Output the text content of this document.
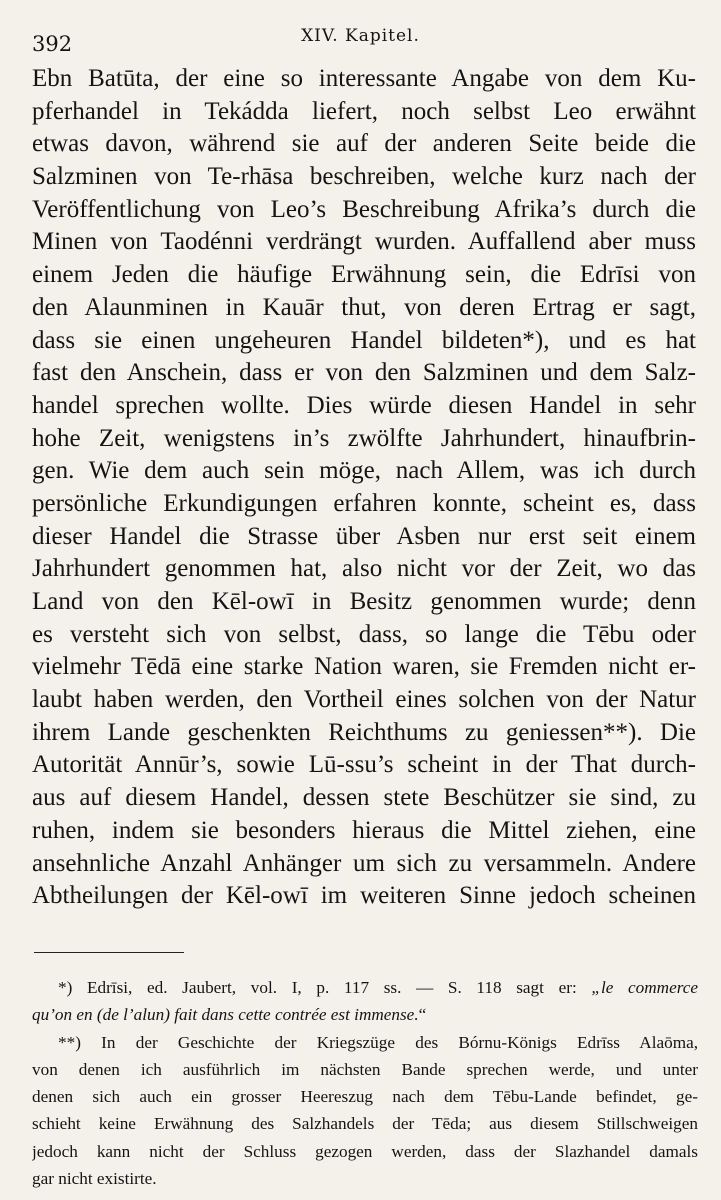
392	XIV. Kapitel.
Ebn Batūta, der eine so interessante Angabe von dem Ku-
pferhandel in Tekádda liefert, noch selbst Leo erwähnt
etwas davon, während sie auf der anderen Seite beide die
Salzminen von Te-rhāsa beschreiben, welche kurz nach der
Veröffentlichung von Leo’s Beschreibung Afrika’s durch die
Minen von Taodénni verdrängt wurden. Auffallend aber muss
einem Jeden die häufige Erwähnung sein, die Edrīsi von
den Alaunminen in Kauār thut, von deren Ertrag er sagt,
dass sie einen ungeheuren Handel bildeten*), und es hat
fast den Anschein, dass er von den Salzminen und dem Salz-
handel sprechen wollte. Dies würde diesen Handel in sehr
hohe Zeit, wenigstens in’s zwölfte Jahrhundert, hinaufbrin-
gen. Wie dem auch sein möge, nach Allem, was ich durch
persönliche Erkundigungen erfahren konnte, scheint es, dass
dieser Handel die Strasse über Asben nur erst seit einem
Jahrhundert genommen hat, also nicht vor der Zeit, wo das
Land von den Kēl-owī in Besitz genommen wurde; denn
es versteht sich von selbst, dass, so lange die Tēbu oder
vielmehr Tēdā eine starke Nation waren, sie Fremden nicht er-
laubt haben werden, den Vortheil eines solchen von der Natur
ihrem Lande geschenkten Reichthums zu geniessen**). Die
Autorität Annūr’s, sowie Lū-ssu’s scheint in der That durch-
aus auf diesem Handel, dessen stete Beschützer sie sind, zu
ruhen, indem sie besonders hieraus die Mittel ziehen, eine
ansehnliche Anzahl Anhänger um sich zu versammeln. Andere
Abtheilungen der Kēl-owī im weiteren Sinne jedoch scheinen
*) Edrīsi, ed. Jaubert, vol. I, p. 117 ss. — S. 118 sagt er: „le commerce
qu’on en (de l’alun) fait dans cette contrée est immense.“
**) In der Geschichte der Kriegszüge des Bórnu-Königs Edrīss Alaōma,
von denen ich ausführlich im nächsten Bande sprechen werde, und unter
denen sich auch ein grosser Heereszug nach dem Tēbu-Lande befindet, ge-
schieht keine Erwähnung des Salzhandels der Tēda; aus diesem Stillschweigen
jedoch kann nicht der Schluss gezogen werden, dass der Slazhandel damals
gar nicht existirte.
